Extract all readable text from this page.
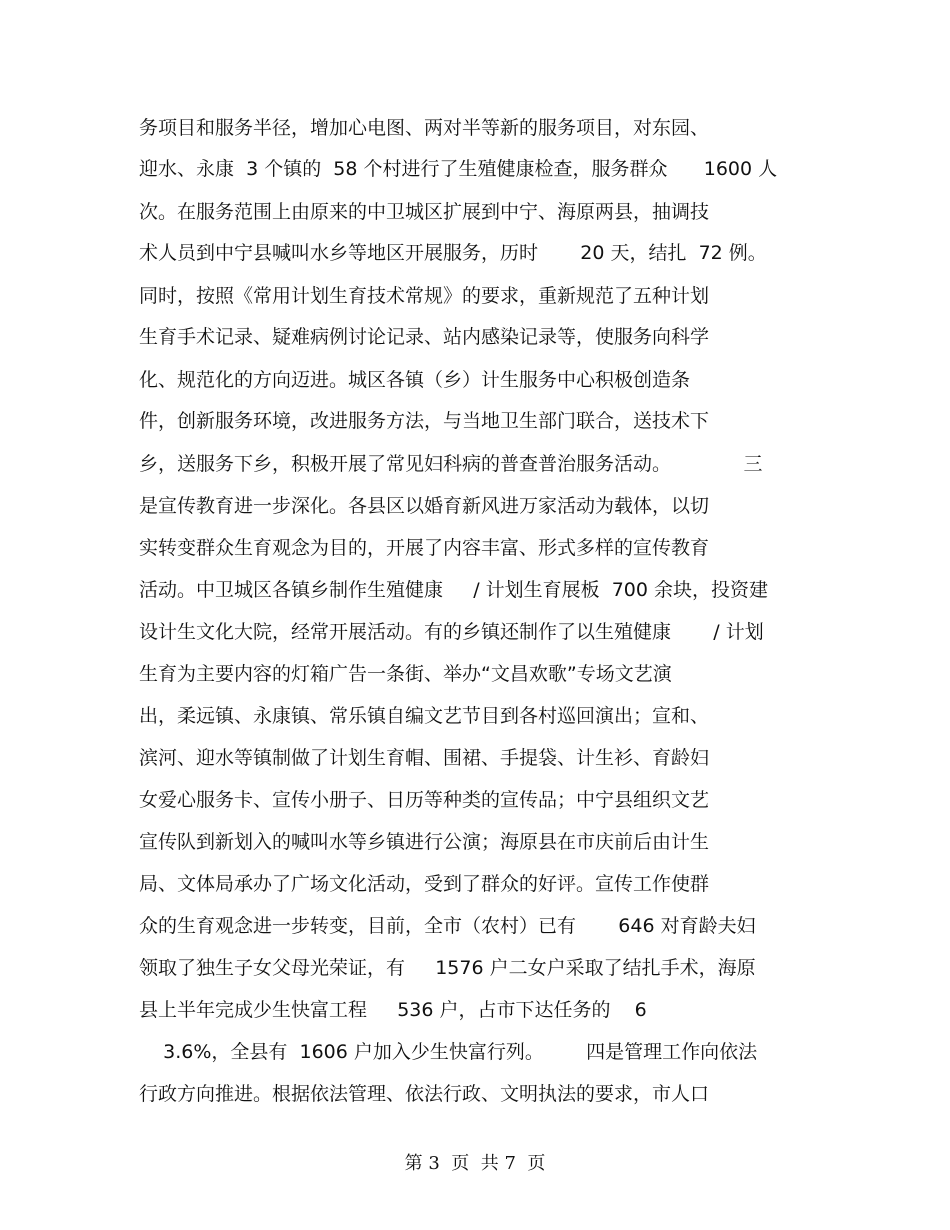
务项目和服务半径，增加心电图、两对半等新的服务项目，对东园、
迎水、永康  3 个镇的  58 个村进行了生殖健康检查，服务群众      1600 人
次。在服务范围上由原来的中卫城区扩展到中宁、海原两县，抽调技
术人员到中宁县喊叫水乡等地区开展服务，历时       20 天，结扎  72 例。
同时，按照《常用计划生育技术常规》的要求，重新规范了五种计划
生育手术记录、疑难病例讨论记录、站内感染记录等，使服务向科学
化、规范化的方向迈进。城区各镇（乡）计生服务中心积极创造条
件，创新服务环境，改进服务方法，与当地卫生部门联合，送技术下
乡，送服务下乡，积极开展了常见妇科病的普查普治服务活动。            三
是宣传教育进一步深化。各县区以婚育新风进万家活动为载体，以切
实转变群众生育观念为目的，开展了内容丰富、形式多样的宣传教育
活动。中卫城区各镇乡制作生殖健康     / 计划生育展板  700 余块，投资建
设计生文化大院，经常开展活动。有的乡镇还制作了以生殖健康       / 计划
生育为主要内容的灯箱广告一条街、举办“文昌欢歌”专场文艺演
出，柔远镇、永康镇、常乐镇自编文艺节目到各村巡回演出；宣和、
滨河、迎水等镇制做了计划生育帽、围裙、手提袋、计生衫、育龄妇
女爱心服务卡、宣传小册子、日历等种类的宣传品；中宁县组织文艺
宣传队到新划入的喊叫水等乡镇进行公演；海原县在市庆前后由计生
局、文体局承办了广场文化活动，受到了群众的好评。宣传工作使群
众的生育观念进一步转变，目前，全市（农村）已有       646 对育龄夫妇
领取了独生子女父母光荣证，有     1576 户二女户采取了结扎手术，海原
县上半年完成少生快富工程     536 户，占市下达任务的    6
3.6%，全县有  1606 户加入少生快富行列。       四是管理工作向依法
行政方向推进。根据依法管理、依法行政、文明执法的要求，市人口
第 3  页  共 7  页
